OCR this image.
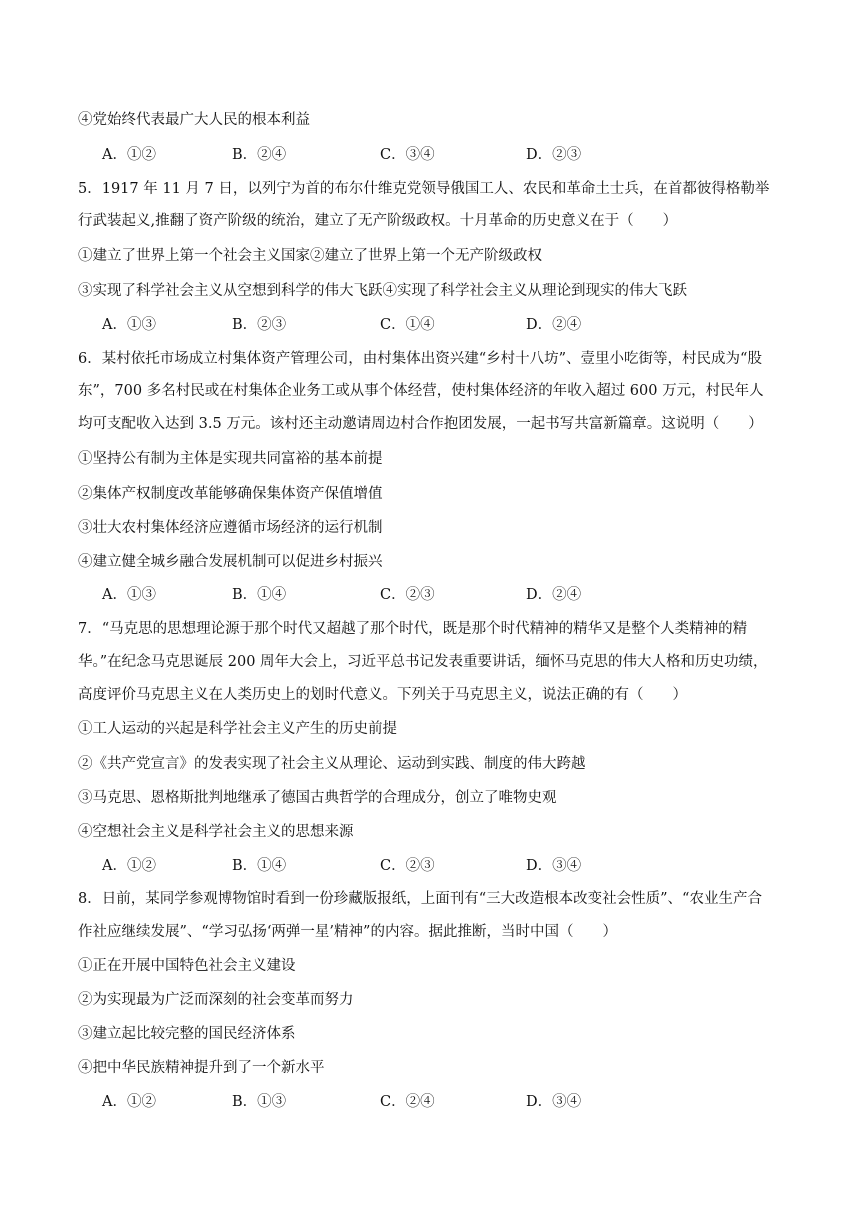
④党始终代表最广大人民的根本利益
A．①②	B．②④	C．③④	D．②③
5．1917 年 11 月 7 日，以列宁为首的布尔什维克党领导俄国工人、农民和革命土士兵，在首都彼得格勒举
行武装起义,推翻了资产阶级的统治，建立了无产阶级政权。十月革命的历史意义在于（　　）
①建立了世界上第一个社会主义国家②建立了世界上第一个无产阶级政权
③实现了科学社会主义从空想到科学的伟大飞跃④实现了科学社会主义从理论到现实的伟大飞跃
A．①③	B．②③	C．①④	D．②④
6．某村依托市场成立村集体资产管理公司，由村集体出资兴建“乡村十八坊”、壹里小吃街等，村民成为“股
东”，700 多名村民或在村集体企业务工或从事个体经营，使村集体经济的年收入超过 600 万元，村民年人
均可支配收入达到 3.5 万元。该村还主动邀请周边村合作抱团发展，一起书写共富新篇章。这说明（　　）
①坚持公有制为主体是实现共同富裕的基本前提
②集体产权制度改革能够确保集体资产保值增值
③壮大农村集体经济应遵循市场经济的运行机制
④建立健全城乡融合发展机制可以促进乡村振兴
A．①③	B．①④	C．②③	D．②④
7．“马克思的思想理论源于那个时代又超越了那个时代，既是那个时代精神的精华又是整个人类精神的精
华。”在纪念马克思诞辰 200 周年大会上，习近平总书记发表重要讲话，缅怀马克思的伟大人格和历史功绩，
高度评价马克思主义在人类历史上的划时代意义。下列关于马克思主义，说法正确的有（　　）
①工人运动的兴起是科学社会主义产生的历史前提
②《共产党宣言》的发表实现了社会主义从理论、运动到实践、制度的伟大跨越
③马克思、恩格斯批判地继承了德国古典哲学的合理成分，创立了唯物史观
④空想社会主义是科学社会主义的思想来源
A．①②	B．①④	C．②③	D．③④
8．日前，某同学参观博物馆时看到一份珍藏版报纸，上面刊有“三大改造根本改变社会性质”、“农业生产合
作社应继续发展”、“学习弘扬‘两弹一星’精神”的内容。据此推断，当时中国（　　）
①正在开展中国特色社会主义建设
②为实现最为广泛而深刻的社会变革而努力
③建立起比较完整的国民经济体系
④把中华民族精神提升到了一个新水平
A．①②	B．①③	C．②④	D．③④
